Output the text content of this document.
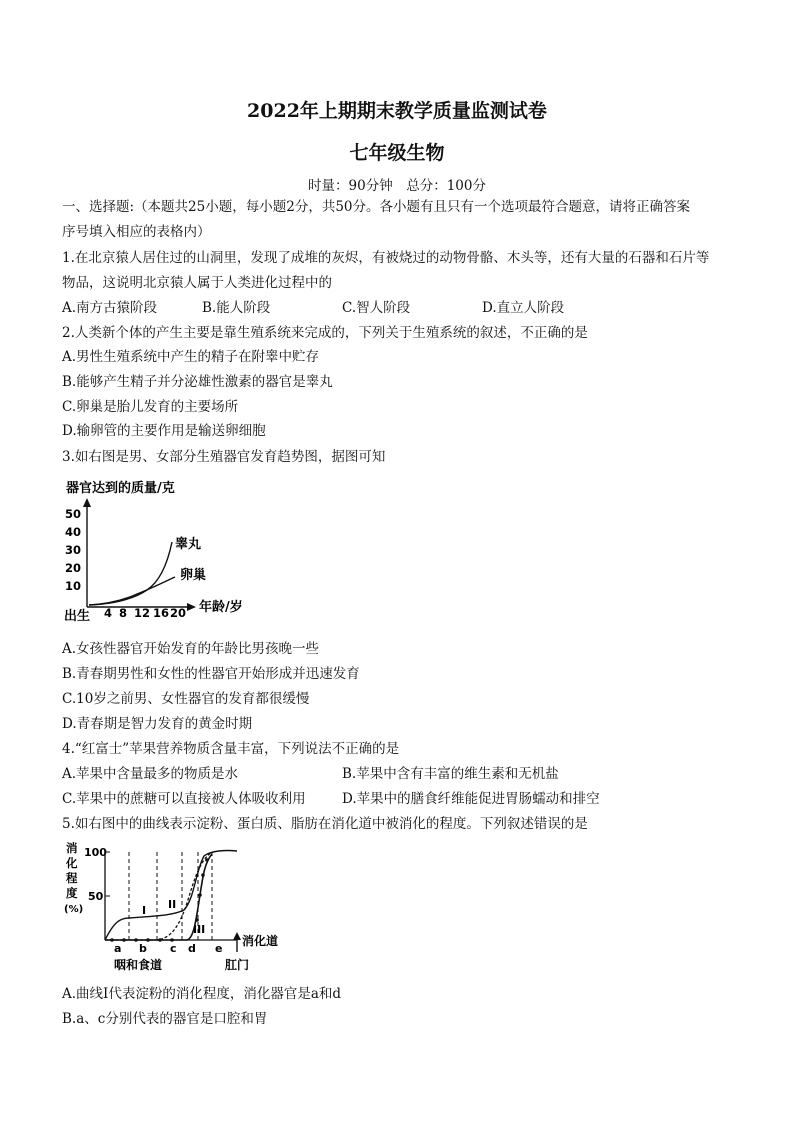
2022年上期期末教学质量监测试卷
七年级生物
时量：90分钟　总分：100分
一、选择题:（本题共25小题，每小题2分，共50分。各小题有且只有一个选项最符合题意，请将正确答案
序号填入相应的表格内）
1.在北京猿人居住过的山洞里，发现了成堆的灰烬，有被烧过的动物骨骼、木头等，还有大量的石器和石片等
物品，这说明北京猿人属于人类进化过程中的
A.南方古猿阶段	B.能人阶段	C.智人阶段	D.直立人阶段
2.人类新个体的产生主要是靠生殖系统来完成的，下列关于生殖系统的叙述，不正确的是
A.男性生殖系统中产生的精子在附睾中贮存
B.能够产生精子并分泌雄性激素的器官是睾丸
C.卵巢是胎儿发育的主要场所
D.输卵管的主要作用是输送卵细胞
3.如右图是男、女部分生殖器官发育趋势图，据图可知
器官达到的质量/克
50
40
30
20
10
4 8 12 16 20
出生
年龄/岁
睾丸
卵巢
A.女孩性器官开始发育的年龄比男孩晚一些
B.青春期男性和女性的性器官开始形成并迅速发育
C.10岁之前男、女性器官的发育都很缓慢
D.青春期是智力发育的黄金时期
4.“红富士”苹果营养物质含量丰富，下列说法不正确的是
A.苹果中含量最多的物质是水	B.苹果中含有丰富的维生素和无机盐
C.苹果中的蔗糖可以直接被人体吸收利用	D.苹果中的膳食纤维能促进胃肠蠕动和排空
5.如右图中的曲线表示淀粉、蛋白质、脂肪在消化道中被消化的程度。下列叙述错误的是
消
化
程
度
(%)
100
50
I II
III
a b c d e
消化道
咽和食道	肛门
A.曲线I代表淀粉的消化程度，消化器官是a和d
B.a、c分别代表的器官是口腔和胃
